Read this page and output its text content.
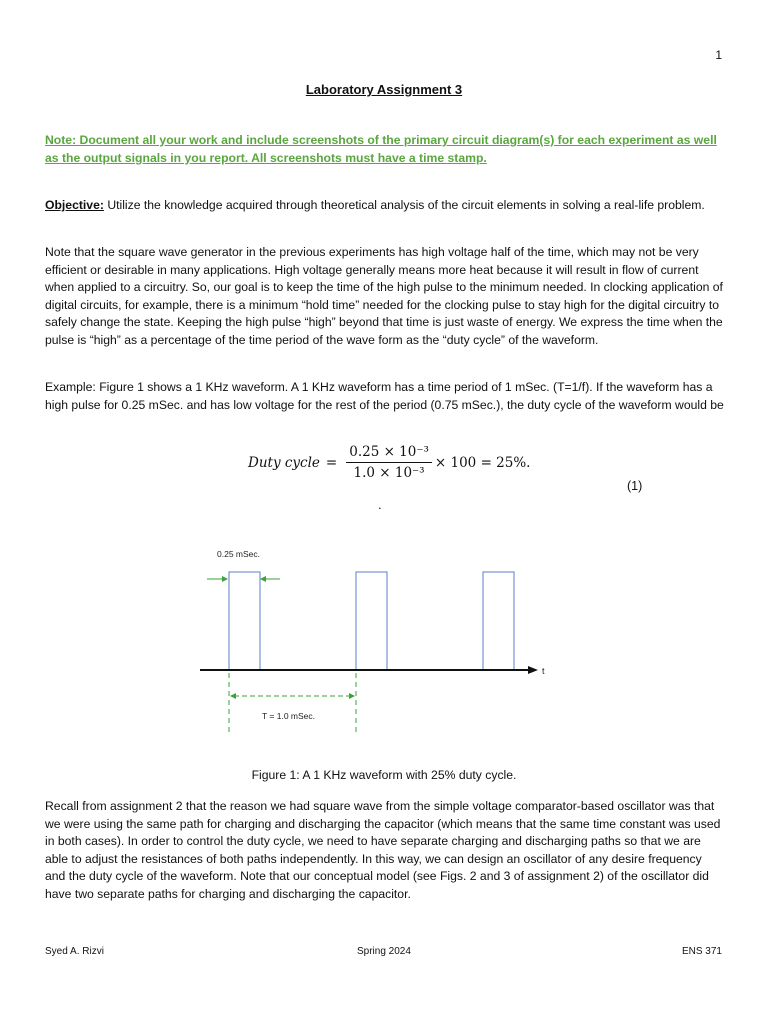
1
Laboratory Assignment 3
Note: Document all your work and include screenshots of the primary circuit diagram(s) for each experiment as well as the output signals in you report. All screenshots must have a time stamp.

Objective: Utilize the knowledge acquired through theoretical analysis of the circuit elements in solving a real-life problem.

Note that the square wave generator in the previous experiments has high voltage half of the time, which may not be very efficient or desirable in many applications. High voltage generally means more heat because it will result in flow of current when applied to a circuitry. So, our goal is to keep the time of the high pulse to the minimum needed. In clocking application of digital circuits, for example, there is a minimum “hold time” needed for the clocking pulse to stay high for the digital circuitry to safely change the state. Keeping the high pulse “high” beyond that time is just waste of energy. We express the time when the pulse is “high” as a percentage of the time period of the wave form as the “duty cycle” of the waveform.

Example: Figure 1 shows a 1 KHz waveform. A 1 KHz waveform has a time period of 1 mSec. (T=1/f). If the waveform has a high pulse for 0.25 mSec. and has low voltage for the rest of the period (0.75 mSec.), the duty cycle of the waveform would be

Duty cycle = $\frac{\text{0.25 × 10⁻³}}{\text{1.0 × 10⁻³}} \times 100 = 25\%$.
(1)
.
0.25 mSec.
t
T = 1.0 mSec.
Figure 1: A 1 KHz waveform with 25% duty cycle.

Recall from assignment 2 that the reason we had square wave from the simple voltage comparator-based oscillator was that we were using the same path for charging and discharging the capacitor (which means that the same time constant was used in both cases). In order to control the duty cycle, we need to have separate charging and discharging paths so that we are able to adjust the resistances of both paths independently. In this way, we can design an oscillator of any desire frequency and the duty cycle of the waveform. Note that our conceptual model (see Figs. 2 and 3 of assignment 2) of the oscillator did have two separate paths for charging and discharging the capacitor.

Syed A. Rizvi	Spring 2024	ENS 371
